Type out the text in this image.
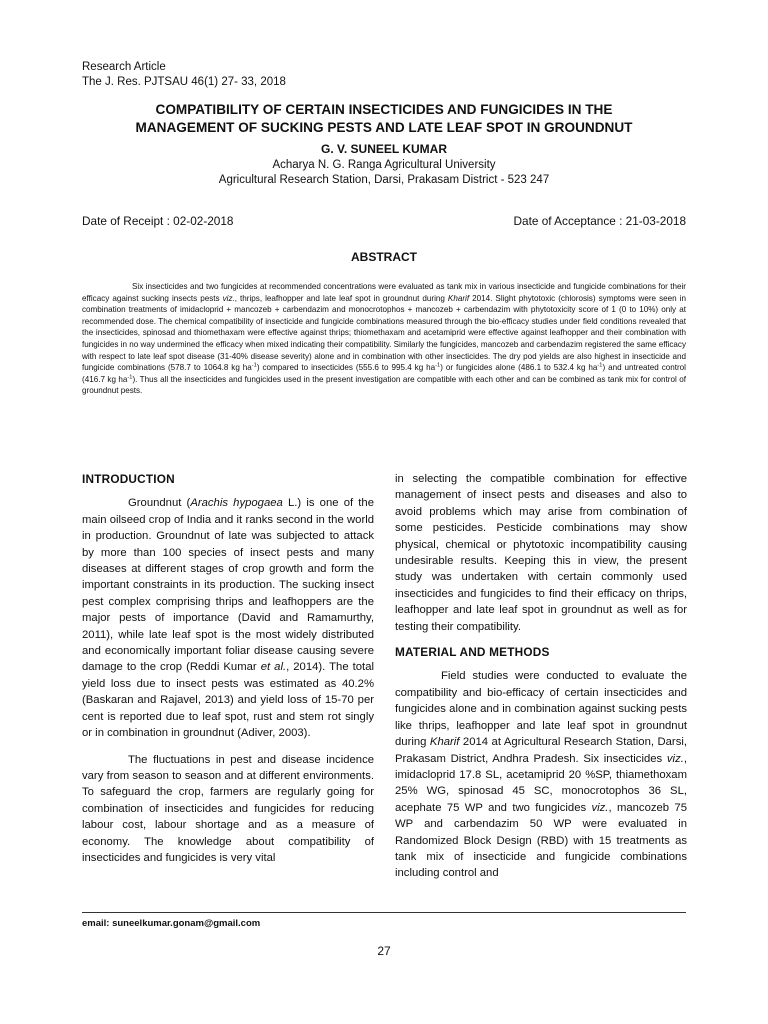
Research Article
The J. Res. PJTSAU 46(1) 27- 33, 2018
COMPATIBILITY OF CERTAIN INSECTICIDES AND FUNGICIDES IN THE
MANAGEMENT OF SUCKING PESTS AND LATE LEAF SPOT IN GROUNDNUT
G. V. SUNEEL KUMAR
Acharya N. G. Ranga Agricultural University
Agricultural Research Station, Darsi, Prakasam District - 523 247
Date of Receipt : 02-02-2018	Date of Acceptance : 21-03-2018
ABSTRACT

Six insecticides and two fungicides at recommended concentrations were evaluated as tank mix in various insecticide and fungicide combinations for their efficacy against sucking insects pests viz., thrips, leafhopper and late leaf spot in groundnut during Kharif 2014. Slight phytotoxic (chlorosis) symptoms were seen in combination treatments of imidacloprid + mancozeb + carbendazim and monocrotophos + mancozeb + carbendazim with phytotoxicity score of 1 (0 to 10%) only at recommended dose. The chemical compatibility of insecticide and fungicide combinations measured through the bio-efficacy studies under field conditions revealed that the insecticides, spinosad and thiomethaxam were effective against thrips; thiomethaxam and acetamiprid were effective against leafhopper and their combination with fungicides in no way undermined the efficacy when mixed indicating their compatibility. Similarly the fungicides, mancozeb and carbendazim registered the same efficacy with respect to late leaf spot disease (31-40% disease severity) alone and in combination with other insecticides. The dry pod yields are also highest in insecticide and fungicide combinations (578.7 to 1064.8 kg $ha^{-1}$) compared to insecticides (555.6 to 995.4 kg $ha^{-1}$) or fungicides alone (486.1 to 532.4 kg $ha^{-1}$) and untreated control (416.7 kg $ha^{-1}$). Thus all the insecticides and fungicides used in the present investigation are compatible with each other and can be combined as tank mix for control of groundnut pests.

INTRODUCTION

Groundnut (Arachis hypogaea L.) is one of the main oilseed crop of India and it ranks second in the world in production. Groundnut of late was subjected to attack by more than 100 species of insect pests and many diseases at different stages of crop growth and form the important constraints in its production. The sucking insect pest complex comprising thrips and leafhoppers are the major pests of importance (David and Ramamurthy, 2011), while late leaf spot is the most widely distributed and economically important foliar disease causing severe damage to the crop (Reddi Kumar et al., 2014). The total yield loss due to insect pests was estimated as 40.2% (Baskaran and Rajavel, 2013) and yield loss of 15-70 per cent is reported due to leaf spot, rust and stem rot singly or in combination in groundnut (Adiver, 2003).

The fluctuations in pest and disease incidence vary from season to season and at different environments. To safeguard the crop, farmers are regularly going for combination of insecticides and fungicides for reducing labour cost, labour shortage and as a measure of economy. The knowledge about compatibility of insecticides and fungicides is very vital

in selecting the compatible combination for effective management of insect pests and diseases and also to avoid problems which may arise from combination of some pesticides. Pesticide combinations may show physical, chemical or phytotoxic incompatibility causing undesirable results. Keeping this in view, the present study was undertaken with certain commonly used insecticides and fungicides to find their efficacy on thrips, leafhopper and late leaf spot in groundnut as well as for testing their compatibility.

MATERIAL AND METHODS

Field studies were conducted to evaluate the compatibility and bio-efficacy of certain insecticides and fungicides alone and in combination against sucking pests like thrips, leafhopper and late leaf spot in groundnut during Kharif 2014 at Agricultural Research Station, Darsi, Prakasam District, Andhra Pradesh. Six insecticides viz., imidacloprid 17.8 SL, acetamiprid 20 %SP, thiamethoxam 25% WG, spinosad 45 SC, monocrotophos 36 SL, acephate 75 WP and two fungicides viz., mancozeb 75 WP and carbendazim 50 WP were evaluated in Randomized Block Design (RBD) with 15 treatments as tank mix of insecticide and fungicide combinations including control and

email: suneelkumar.gonam@gmail.com
27
